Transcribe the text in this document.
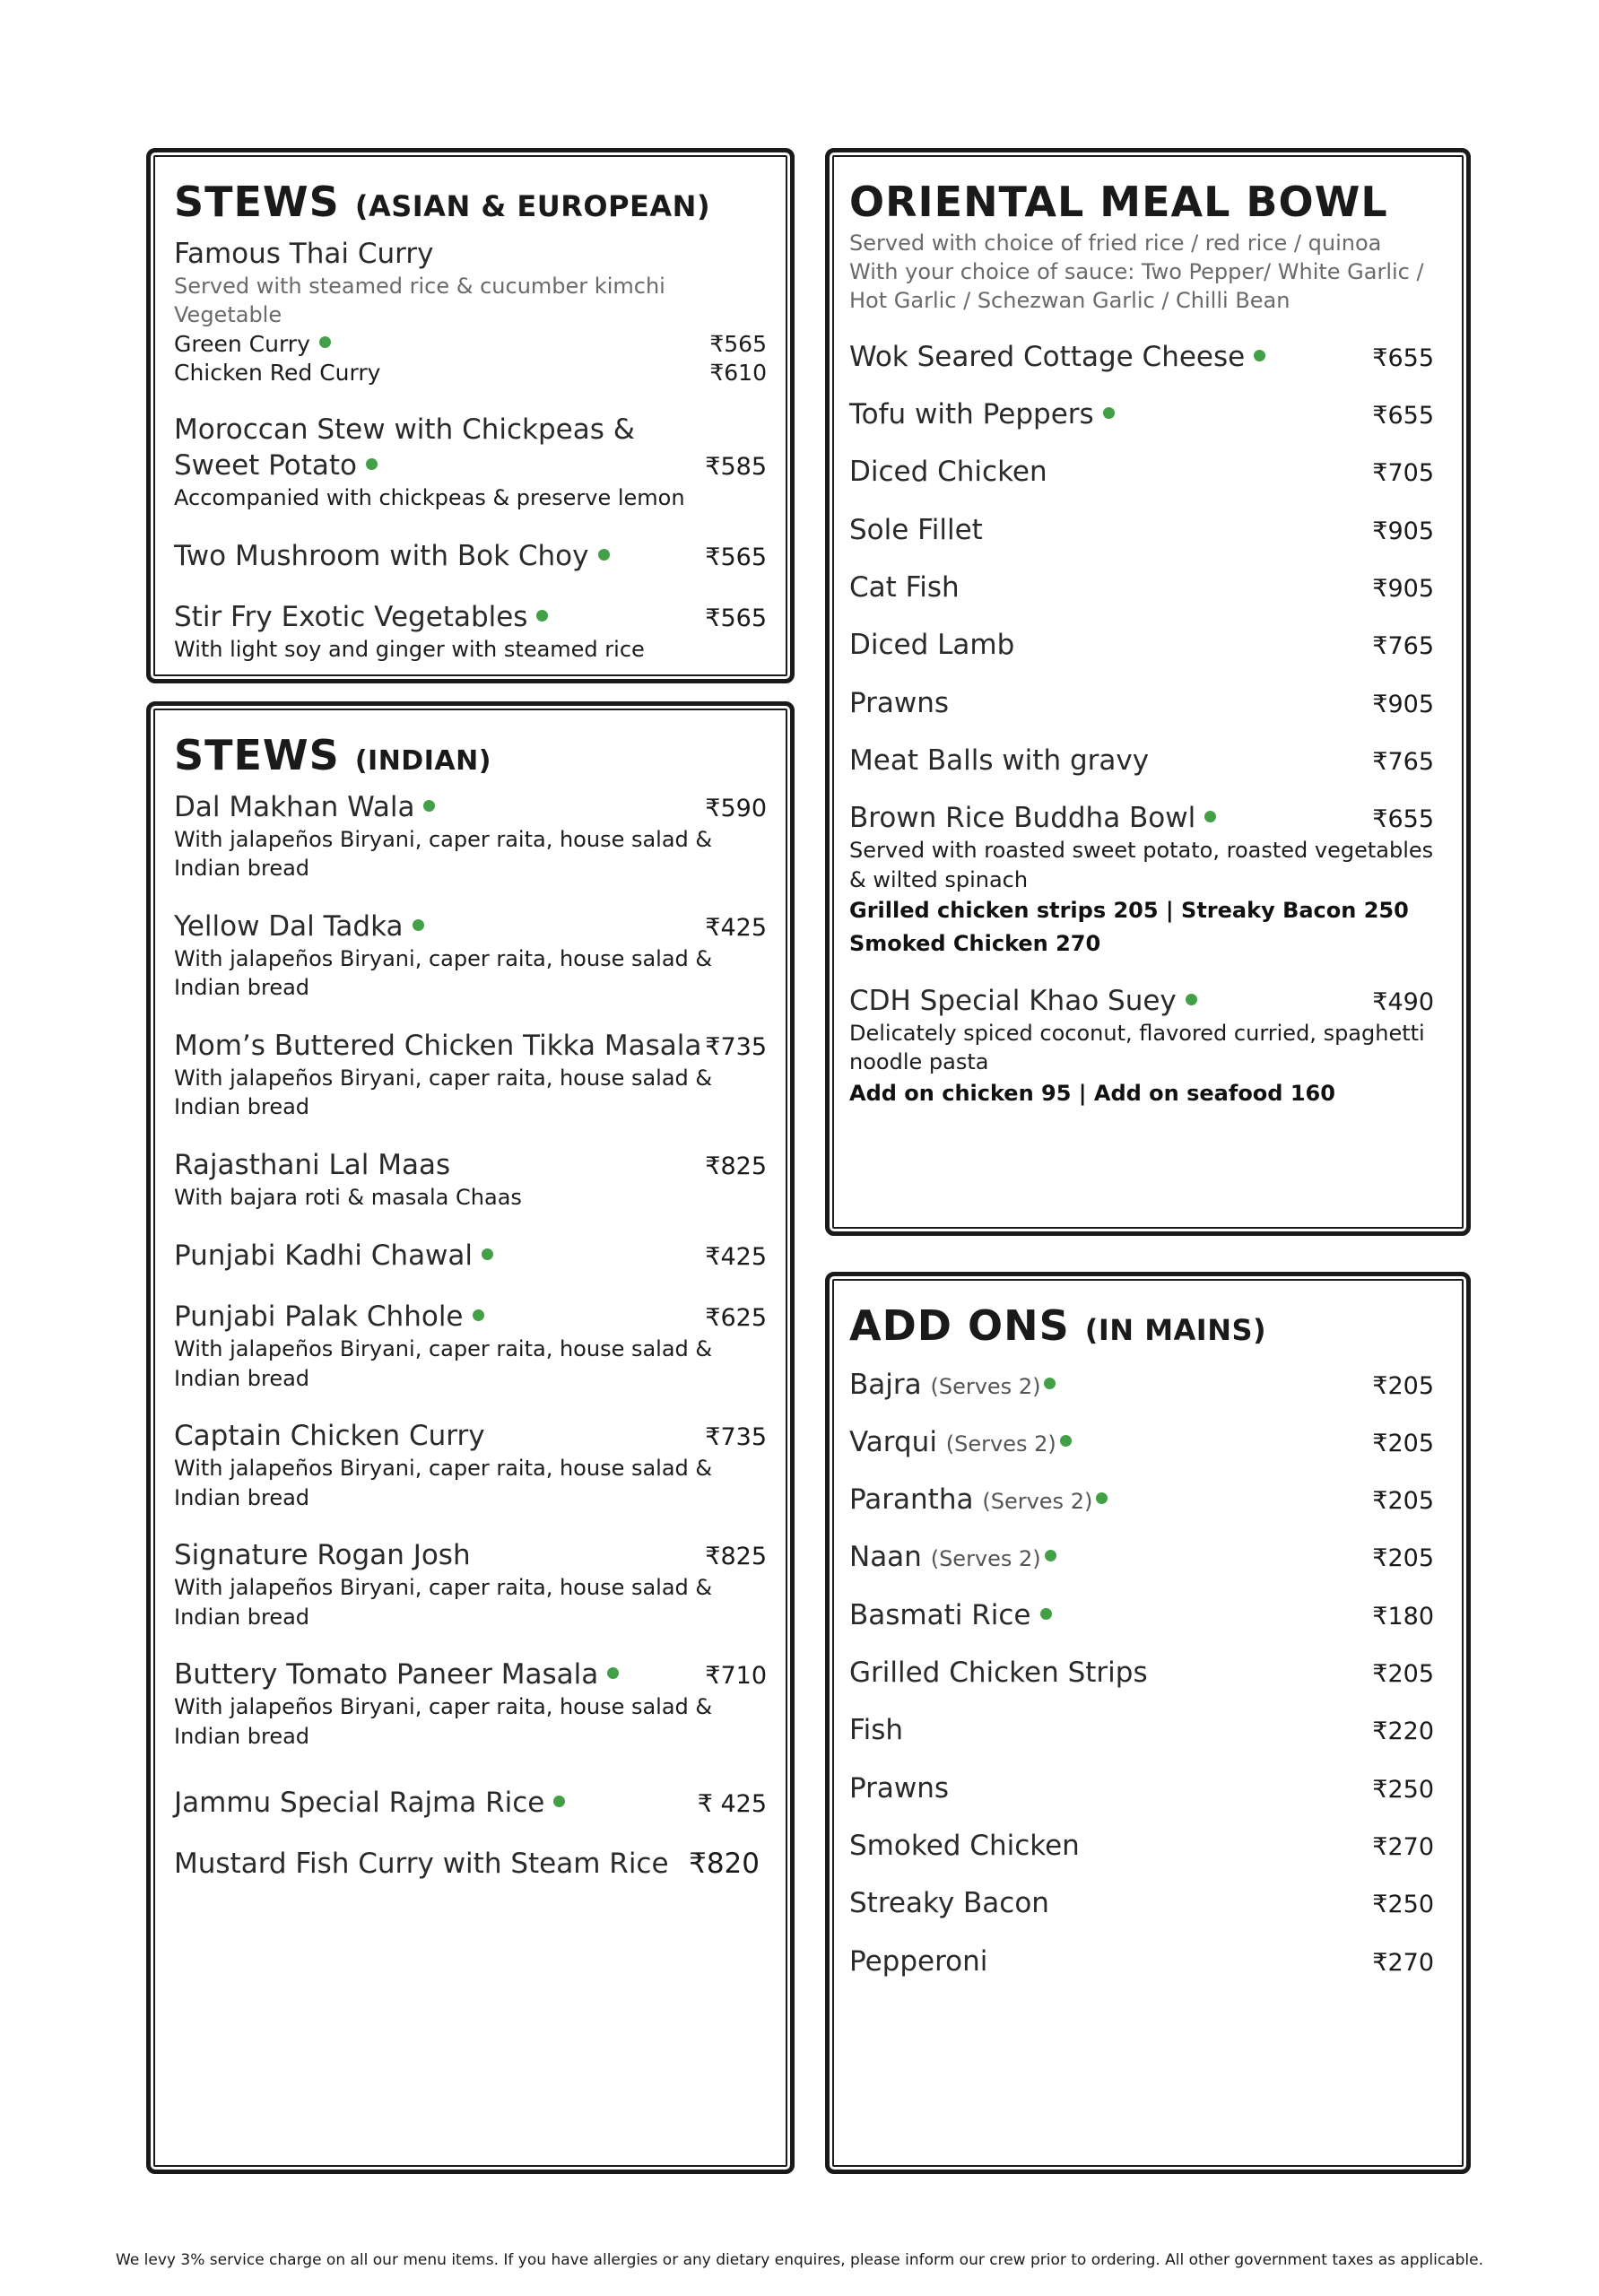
STEWS (ASIAN & EUROPEAN)
Famous Thai Curry
Served with steamed rice & cucumber kimchi Vegetable
Green Curry	₹565
Chicken Red Curry	₹610
Moroccan Stew with Chickpeas &
Sweet Potato	₹585
Accompanied with chickpeas & preserve lemon
Two Mushroom with Bok Choy	₹565
Stir Fry Exotic Vegetables	₹565
With light soy and ginger with steamed rice
STEWS (INDIAN)
Dal Makhan Wala	₹590
With jalapeños Biryani, caper raita, house salad & Indian bread
Yellow Dal Tadka	₹425
With jalapeños Biryani, caper raita, house salad & Indian bread
Mom’s Buttered Chicken Tikka Masala ₹735
With jalapeños Biryani, caper raita, house salad & Indian bread
Rajasthani Lal Maas	₹825
With bajara roti & masala Chaas
Punjabi Kadhi Chawal	₹425
Punjabi Palak Chhole	₹625
With jalapeños Biryani, caper raita, house salad & Indian bread
Captain Chicken Curry	₹735
With jalapeños Biryani, caper raita, house salad & Indian bread
Signature Rogan Josh	₹825
With jalapeños Biryani, caper raita, house salad & Indian bread
Buttery Tomato Paneer Masala	₹710
With jalapeños Biryani, caper raita, house salad & Indian bread
Jammu Special Rajma Rice	₹ 425
Mustard Fish Curry with Steam Rice ₹820
ORIENTAL MEAL BOWL
Served with choice of fried rice / red rice / quinoa
With your choice of sauce: Two Pepper/ White Garlic /
Hot Garlic / Schezwan Garlic / Chilli Bean
Wok Seared Cottage Cheese	₹655
Tofu with Peppers	₹655
Diced Chicken	₹705
Sole Fillet	₹905
Cat Fish	₹905
Diced Lamb	₹765
Prawns	₹905
Meat Balls with gravy	₹765
Brown Rice Buddha Bowl	₹655
Served with roasted sweet potato, roasted vegetables & wilted spinach
Grilled chicken strips 205 | Streaky Bacon 250
Smoked Chicken 270
CDH Special Khao Suey	₹490
Delicately spiced coconut, flavored curried, spaghetti noodle pasta
Add on chicken 95 | Add on seafood 160
ADD ONS (IN MAINS)
Bajra (Serves 2)	₹205
Varqui (Serves 2)	₹205
Parantha (Serves 2)	₹205
Naan (Serves 2)	₹205
Basmati Rice	₹180
Grilled Chicken Strips	₹205
Fish	₹220
Prawns	₹250
Smoked Chicken	₹270
Streaky Bacon	₹250
Pepperoni	₹270
We levy 3% service charge on all our menu items. If you have allergies or any dietary enquires, please inform our crew prior to ordering. All other government taxes as applicable.
